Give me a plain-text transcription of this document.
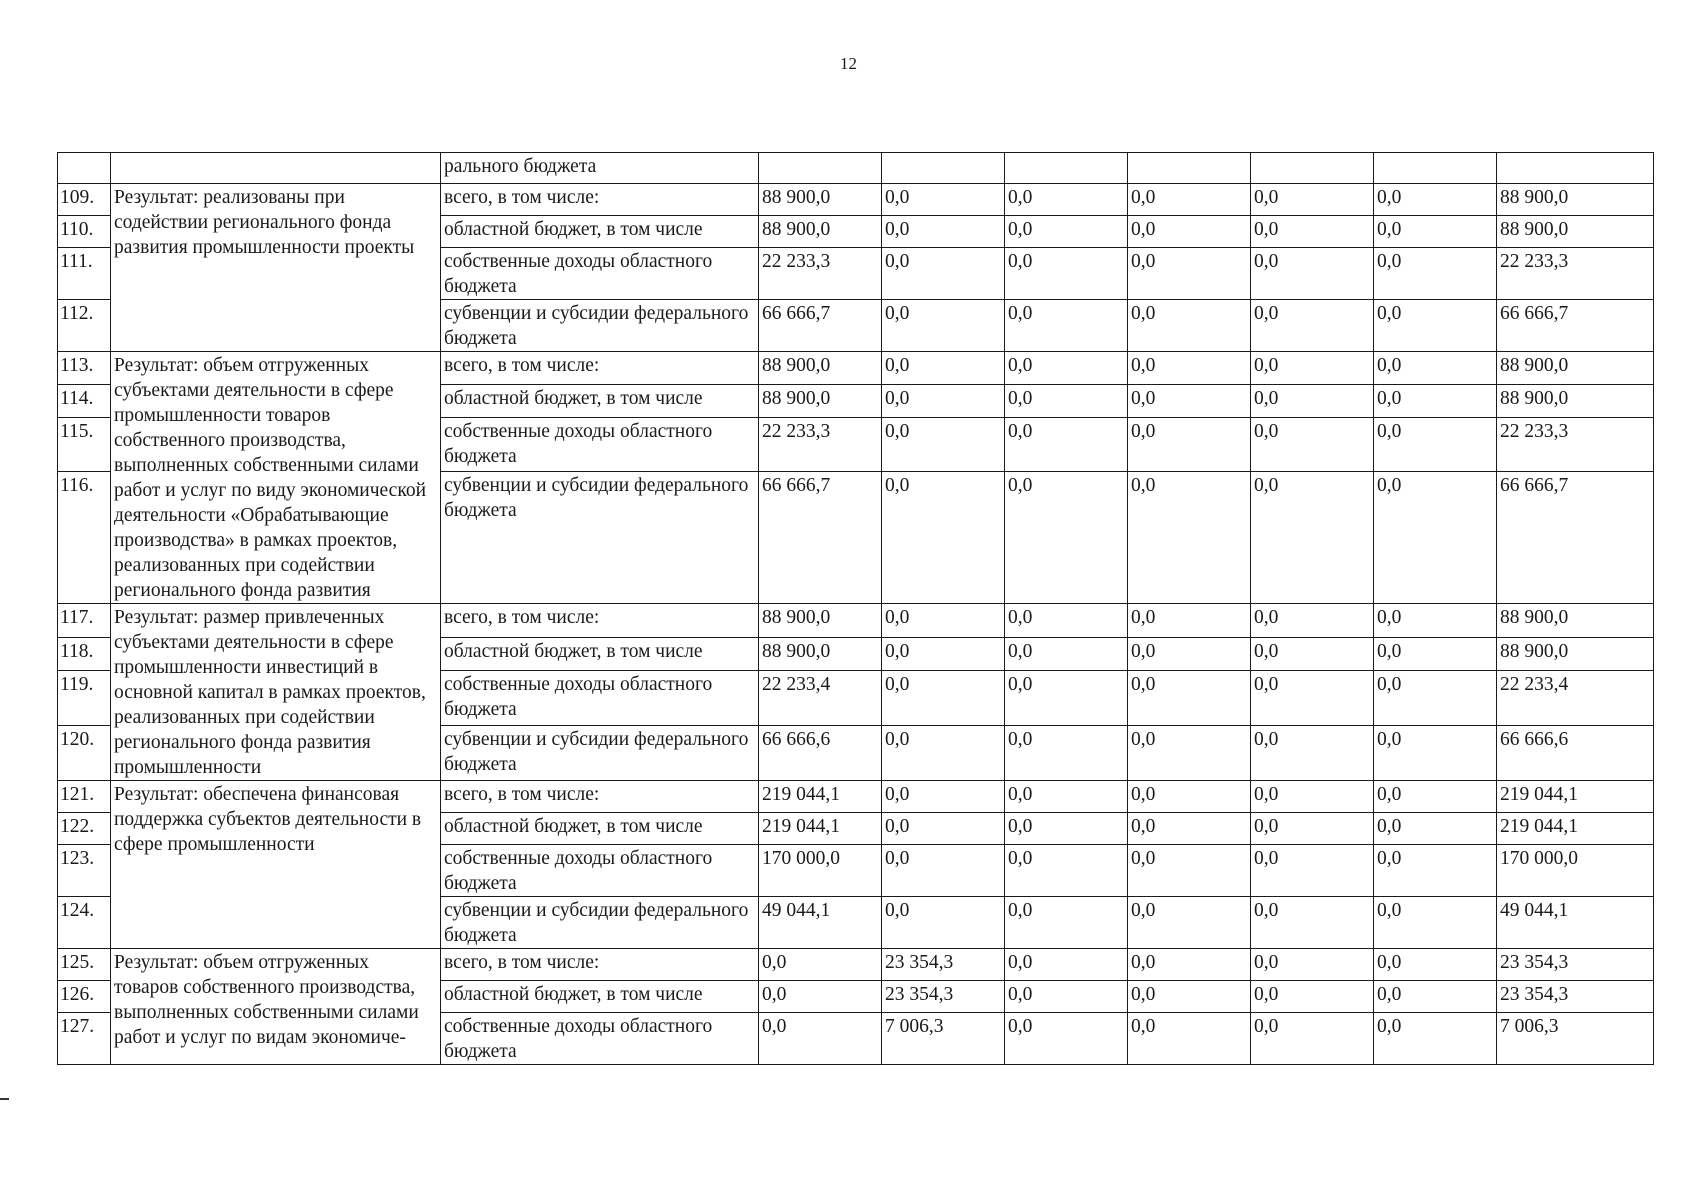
12
		рального бюджета							
109.	Результат: реализованы при содействии регионального фонда развития промышленности проекты	всего, в том числе:	88 900,0	0,0	0,0	0,0	0,0	0,0	88 900,0
110.		областной бюджет, в том числе	88 900,0	0,0	0,0	0,0	0,0	0,0	88 900,0
111.		собственные доходы областного бюджета	22 233,3	0,0	0,0	0,0	0,0	0,0	22 233,3
112.		субвенции и субсидии федерального бюджета	66 666,7	0,0	0,0	0,0	0,0	0,0	66 666,7
113.	Результат: объем отгруженных субъектами деятельности в сфере промышленности товаров собственного производства, выполненных собственными силами работ и услуг по виду экономической деятельности «Обрабатывающие производства» в рамках проектов, реализованных при содействии регионального фонда развития	всего, в том числе:	88 900,0	0,0	0,0	0,0	0,0	0,0	88 900,0
114.		областной бюджет, в том числе	88 900,0	0,0	0,0	0,0	0,0	0,0	88 900,0
115.		собственные доходы областного бюджета	22 233,3	0,0	0,0	0,0	0,0	0,0	22 233,3
116.		субвенции и субсидии федерального бюджета	66 666,7	0,0	0,0	0,0	0,0	0,0	66 666,7
117.	Результат: размер привлеченных субъектами деятельности в сфере промышленности инвестиций в основной капитал в рамках проектов, реализованных при содействии регионального фонда развития промышленности	всего, в том числе:	88 900,0	0,0	0,0	0,0	0,0	0,0	88 900,0
118.		областной бюджет, в том числе	88 900,0	0,0	0,0	0,0	0,0	0,0	88 900,0
119.		собственные доходы областного бюджета	22 233,4	0,0	0,0	0,0	0,0	0,0	22 233,4
120.		субвенции и субсидии федерального бюджета	66 666,6	0,0	0,0	0,0	0,0	0,0	66 666,6
121.	Результат: обеспечена финансовая поддержка субъектов деятельности в сфере промышленности	всего, в том числе:	219 044,1	0,0	0,0	0,0	0,0	0,0	219 044,1
122.		областной бюджет, в том числе	219 044,1	0,0	0,0	0,0	0,0	0,0	219 044,1
123.		собственные доходы областного бюджета	170 000,0	0,0	0,0	0,0	0,0	0,0	170 000,0
124.		субвенции и субсидии федерального бюджета	49 044,1	0,0	0,0	0,0	0,0	0,0	49 044,1
125.	Результат: объем отгруженных товаров собственного производства, выполненных собственными силами работ и услуг по видам экономиче-	всего, в том числе:	0,0	23 354,3	0,0	0,0	0,0	0,0	23 354,3
126.		областной бюджет, в том числе	0,0	23 354,3	0,0	0,0	0,0	0,0	23 354,3
127.		собственные доходы областного бюджета	0,0	7 006,3	0,0	0,0	0,0	0,0	7 006,3
